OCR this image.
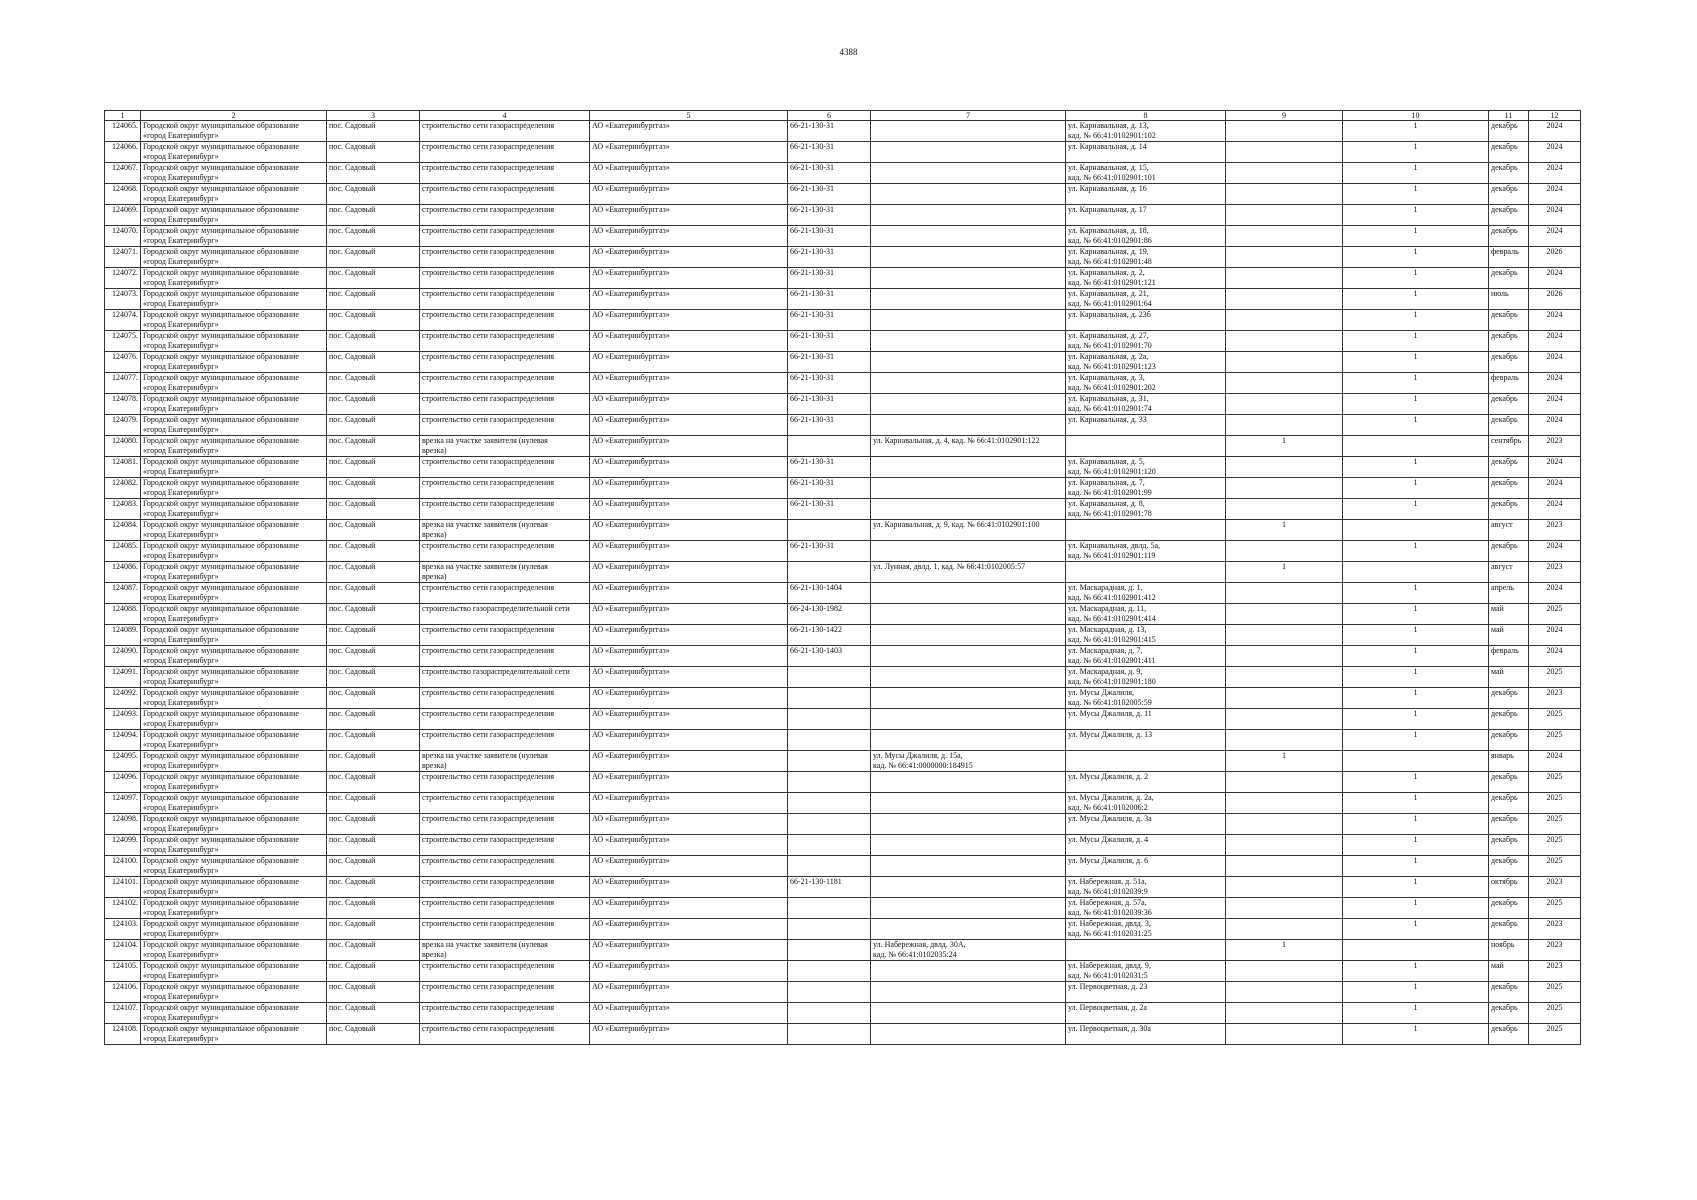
4388
1	2	3	4	5	6	7	8	9	10	11	12

124065.	Городской округ муниципальное образование
«город Екатеринбург»	пос. Садовый	строительство сети газораспределения	АО «Екатеринбурггаз»	66-21-130-31		ул. Карнавальная, д. 13,
кад. № 66:41:0102901:102		1	декабрь	2024

124066.	Городской округ муниципальное образование
«город Екатеринбург»	пос. Садовый	строительство сети газораспределения	АО «Екатеринбурггаз»	66-21-130-31		ул. Карнавальная, д. 14		1	декабрь	2024

124067.	Городской округ муниципальное образование
«город Екатеринбург»	пос. Садовый	строительство сети газораспределения	АО «Екатеринбурггаз»	66-21-130-31		ул. Карнавальная, д. 15,
кад. № 66:41:0102901:101		1	декабрь	2024

124068.	Городской округ муниципальное образование
«город Екатеринбург»	пос. Садовый	строительство сети газораспределения	АО «Екатеринбурггаз»	66-21-130-31		ул. Карнавальная, д. 16		1	декабрь	2024

124069.	Городской округ муниципальное образование
«город Екатеринбург»	пос. Садовый	строительство сети газораспределения	АО «Екатеринбурггаз»	66-21-130-31		ул. Карнавальная, д. 17		1	декабрь	2024

124070.	Городской округ муниципальное образование
«город Екатеринбург»	пос. Садовый	строительство сети газораспределения	АО «Екатеринбурггаз»	66-21-130-31		ул. Карнавальная, д. 18,
кад. № 66:41:0102901:86		1	декабрь	2024

124071.	Городской округ муниципальное образование
«город Екатеринбург»	пос. Садовый	строительство сети газораспределения	АО «Екатеринбурггаз»	66-21-130-31		ул. Карнавальная, д. 19,
кад. № 66:41:0102901:48		1	февраль	2026

124072.	Городской округ муниципальное образование
«город Екатеринбург»	пос. Садовый	строительство сети газораспределения	АО «Екатеринбурггаз»	66-21-130-31		ул. Карнавальная, д. 2,
кад. № 66:41:0102901:121		1	декабрь	2024

124073.	Городской округ муниципальное образование
«город Екатеринбург»	пос. Садовый	строительство сети газораспределения	АО «Екатеринбурггаз»	66-21-130-31		ул. Карнавальная, д. 21,
кад. № 66:41:0102901:64		1	июль	2026

124074.	Городской округ муниципальное образование
«город Екатеринбург»	пос. Садовый	строительство сети газораспределения	АО «Екатеринбурггаз»	66-21-130-31		ул. Карнавальная, д. 23б		1	декабрь	2024

124075.	Городской округ муниципальное образование
«город Екатеринбург»	пос. Садовый	строительство сети газораспределения	АО «Екатеринбурггаз»	66-21-130-31		ул. Карнавальная, д. 27,
кад. № 66:41:0102901:70		1	декабрь	2024

124076.	Городской округ муниципальное образование
«город Екатеринбург»	пос. Садовый	строительство сети газораспределения	АО «Екатеринбурггаз»	66-21-130-31		ул. Карнавальная, д. 2а,
кад. № 66:41:0102901:123		1	декабрь	2024

124077.	Городской округ муниципальное образование
«город Екатеринбург»	пос. Садовый	строительство сети газораспределения	АО «Екатеринбурггаз»	66-21-130-31		ул. Карнавальная, д. 3,
кад. № 66:41:0102901:202		1	февраль	2024

124078.	Городской округ муниципальное образование
«город Екатеринбург»	пос. Садовый	строительство сети газораспределения	АО «Екатеринбурггаз»	66-21-130-31		ул. Карнавальная, д. 31,
кад. № 66:41:0102901:74		1	декабрь	2024

124079.	Городской округ муниципальное образование
«город Екатеринбург»	пос. Садовый	строительство сети газораспределения	АО «Екатеринбурггаз»	66-21-130-31		ул. Карнавальная, д. 33		1	декабрь	2024

124080.	Городской округ муниципальное образование
«город Екатеринбург»	пос. Садовый	врезка на участке заявителя (нулевая
врезка)	АО «Екатеринбурггаз»		ул. Карнавальная, д. 4, кад. № 66:41:0102901:122		1		сентябрь	2023

124081.	Городской округ муниципальное образование
«город Екатеринбург»	пос. Садовый	строительство сети газораспределения	АО «Екатеринбурггаз»	66-21-130-31		ул. Карнавальная, д. 5,
кад. № 66:41:0102901:120		1	декабрь	2024

124082.	Городской округ муниципальное образование
«город Екатеринбург»	пос. Садовый	строительство сети газораспределения	АО «Екатеринбурггаз»	66-21-130-31		ул. Карнавальная, д. 7,
кад. № 66:41:0102901:99		1	декабрь	2024

124083.	Городской округ муниципальное образование
«город Екатеринбург»	пос. Садовый	строительство сети газораспределения	АО «Екатеринбурггаз»	66-21-130-31		ул. Карнавальная, д. 8,
кад. № 66:41:0102901:78		1	декабрь	2024

124084.	Городской округ муниципальное образование
«город Екатеринбург»	пос. Садовый	врезка на участке заявителя (нулевая
врезка)	АО «Екатеринбурггаз»		ул. Карнавальная, д. 9, кад. № 66:41:0102901:100		1		август	2023

124085.	Городской округ муниципальное образование
«город Екатеринбург»	пос. Садовый	строительство сети газораспределения	АО «Екатеринбурггаз»	66-21-130-31		ул. Карнавальная, двлд. 5а,
кад. № 66:41:0102901:119		1	декабрь	2024

124086.	Городской округ муниципальное образование
«город Екатеринбург»	пос. Садовый	врезка на участке заявителя (нулевая
врезка)	АО «Екатеринбурггаз»		ул. Лунная, двлд. 1, кад. № 66:41:0102005:57		1		август	2023

124087.	Городской округ муниципальное образование
«город Екатеринбург»	пос. Садовый	строительство сети газораспределения	АО «Екатеринбурггаз»	66-21-130-1404		ул. Маскарадная, д. 1,
кад. № 66:41:0102901:412		1	апрель	2024

124088.	Городской округ муниципальное образование
«город Екатеринбург»	пос. Садовый	строительство газораспределительной сети	АО «Екатеринбурггаз»	66-24-130-1982		ул. Маскарадная, д. 11,
кад. № 66:41:0102901:414		1	май	2025

124089.	Городской округ муниципальное образование
«город Екатеринбург»	пос. Садовый	строительство сети газораспределения	АО «Екатеринбурггаз»	66-21-130-1422		ул. Маскарадная, д. 13,
кад. № 66:41:0102901:415		1	май	2024

124090.	Городской округ муниципальное образование
«город Екатеринбург»	пос. Садовый	строительство сети газораспределения	АО «Екатеринбурггаз»	66-21-130-1403		ул. Маскарадная, д. 7,
кад. № 66:41:0102901:411		1	февраль	2024

124091.	Городской округ муниципальное образование
«город Екатеринбург»	пос. Садовый	строительство газораспределительной сети	АО «Екатеринбурггаз»			ул. Маскарадная, д. 9,
кад. № 66:41:0102901:180		1	май	2025

124092.	Городской округ муниципальное образование
«город Екатеринбург»	пос. Садовый	строительство сети газораспределения	АО «Екатеринбурггаз»			ул. Мусы Джалиля,
кад. № 66:41:0102005:59		1	декабрь	2023

124093.	Городской округ муниципальное образование
«город Екатеринбург»	пос. Садовый	строительство сети газораспределения	АО «Екатеринбурггаз»			ул. Мусы Джалиля, д. 11		1	декабрь	2025

124094.	Городской округ муниципальное образование
«город Екатеринбург»	пос. Садовый	строительство сети газораспределения	АО «Екатеринбурггаз»			ул. Мусы Джалиля, д. 13		1	декабрь	2025

124095.	Городской округ муниципальное образование
«город Екатеринбург»	пос. Садовый	врезка на участке заявителя (нулевая
врезка)	АО «Екатеринбурггаз»		ул. Мусы Джалиля, д. 15а,
кад. № 66:41:0000000:184915		1		январь	2024

124096.	Городской округ муниципальное образование
«город Екатеринбург»	пос. Садовый	строительство сети газораспределения	АО «Екатеринбурггаз»			ул. Мусы Джалиля, д. 2		1	декабрь	2025

124097.	Городской округ муниципальное образование
«город Екатеринбург»	пос. Садовый	строительство сети газораспределения	АО «Екатеринбурггаз»			ул. Мусы Джалиля, д. 2а,
кад. № 66:41:0102006:2		1	декабрь	2025

124098.	Городской округ муниципальное образование
«город Екатеринбург»	пос. Садовый	строительство сети газораспределения	АО «Екатеринбурггаз»			ул. Мусы Джалиля, д. 3а		1	декабрь	2025

124099.	Городской округ муниципальное образование
«город Екатеринбург»	пос. Садовый	строительство сети газораспределения	АО «Екатеринбурггаз»			ул. Мусы Джалиля, д. 4		1	декабрь	2025

124100.	Городской округ муниципальное образование
«город Екатеринбург»	пос. Садовый	строительство сети газораспределения	АО «Екатеринбурггаз»			ул. Мусы Джалиля, д. 6		1	декабрь	2025

124101.	Городской округ муниципальное образование
«город Екатеринбург»	пос. Садовый	строительство сети газораспределения	АО «Екатеринбурггаз»	66-21-130-1181		ул. Набережная, д. 51а,
кад. № 66:41:0102039:9		1	октябрь	2023

124102.	Городской округ муниципальное образование
«город Екатеринбург»	пос. Садовый	строительство сети газораспределения	АО «Екатеринбурггаз»			ул. Набережная, д. 57а,
кад. № 66:41:0102039:36		1	декабрь	2025

124103.	Городской округ муниципальное образование
«город Екатеринбург»	пос. Садовый	строительство сети газораспределения	АО «Екатеринбурггаз»			ул. Набережная, двлд. 3,
кад. № 66:41:0102031:25		1	декабрь	2023

124104.	Городской округ муниципальное образование
«город Екатеринбург»	пос. Садовый	врезка на участке заявителя (нулевая
врезка)	АО «Екатеринбурггаз»		ул. Набережная, двлд. 30А,
кад. № 66:41:0102035:24		1		ноябрь	2023

124105.	Городской округ муниципальное образование
«город Екатеринбург»	пос. Садовый	строительство сети газораспределения	АО «Екатеринбурггаз»			ул. Набережная, двлд. 9,
кад. № 66:41:0102031:5		1	май	2023

124106.	Городской округ муниципальное образование
«город Екатеринбург»	пос. Садовый	строительство сети газораспределения	АО «Екатеринбурггаз»			ул. Первоцветная, д. 23		1	декабрь	2025

124107.	Городской округ муниципальное образование
«город Екатеринбург»	пос. Садовый	строительство сети газораспределения	АО «Екатеринбурггаз»			ул. Первоцветная, д. 2а		1	декабрь	2025

124108.	Городской округ муниципальное образование
«город Екатеринбург»	пос. Садовый	строительство сети газораспределения	АО «Екатеринбурггаз»			ул. Первоцветная, д. 30а		1	декабрь	2025
